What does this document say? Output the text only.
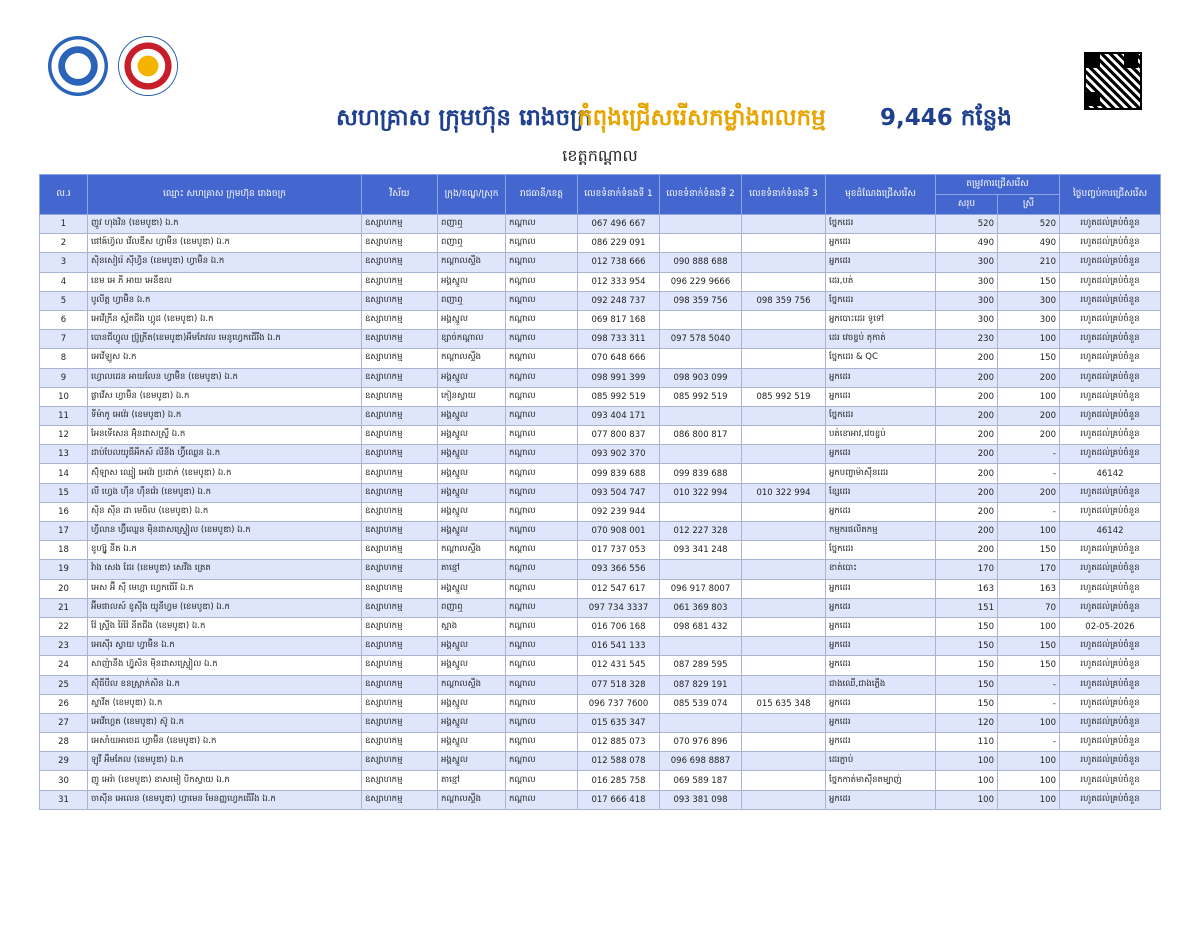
សហគ្រាស ក្រុមហ៊ុន រោងចក្រ
កំពុងជ្រើសរើសកម្លាំងពលកម្ម 9,446 កន្លែង
ខេត្តកណ្តាល
ល.រ	ឈ្មោះ សហគ្រាស ក្រុមហ៊ុន រោងចក្រ	វិស័យ	ក្រុង/ខណ្ឌ/ស្រុក	រាជធានី/ខេត្ត	លេខទំនាក់ទំនងទី 1	លេខទំនាក់ទំនងទី 2	លេខទំនាក់ទំនងទី 3	មុខដំណែងជ្រើសរើស	តម្រូវការជ្រើសរើស		ថ្ងៃបញ្ចប់ការជ្រើសរើស
									សរុប	ស្រី	
1	ញូវ ហុងវិន (ខេមបូឌា) ឯ.ក	ឧស្សាហកម្ម	ពញាឮ	កណ្តាល	067 496 667			ថ្នែកដេរ	520	520	រហូតដល់គ្រប់ចំនួន
2	ផៅឝ៍ហ្វ៊ល វើលឌីស ហ្វាម៊ិន (ខេមបូឌា) ឯ.ក	ឧស្សាហកម្ម	ពញាឮ	កណ្តាល	086 229 091			អ្នកដេរ	490	490	រហូតដល់គ្រប់ចំនួន
3	ស៊ិនសៀរ៉េ ស៊ីហ្វិន (ខេមបូឌា) ហ្វាម៊ិន ឯ.ក	ឧស្សាហកម្ម	កណ្តាលស្ទឹង	កណ្តាល	012 738 666	090 888 688		អ្នកដេរ	300	210	រហូតដល់គ្រប់ចំនួន
4	ខេម អេ ភី អាយ អេនឺឌល	ឧស្សាហកម្ម	អង្គស្នួល	កណ្តាល	012 333 954	096 229 9666		ដេរ,បត់	300	150	រហូតដល់គ្រប់ចំនួន
5	បូលីត្ត ហ្វាម៊ិន ឯ.ក	ឧស្សាហកម្ម	ពញាឮ	កណ្តាល	092 248 737	098 359 756	098 359 756	ថ្នែកដេរ	300	300	រហូតដល់គ្រប់ចំនួន
6	អេវើក្រីន ស្ព័តជីង ហ្គូដ (ខេមបូឌា) ឯ.ក	ឧស្សាហកម្ម	អង្គស្នួល	កណ្តាល	069 817 168			អ្នកបោះដេរ ទូទៅ	300	300	រហូតដល់គ្រប់ចំនួន
7	បោនជីហ្វូល ប្រ៊ូភ្រីត(ខេមបូឌា)អឹមភែវល មេនូហ្វេកជើរីង ឯ.ក	ឧស្សាហកម្ម	ខ្សាច់កណ្តាល	កណ្តាល	098 733 311	097 578 5040		ដេរ វេចខ្ចប់ តុកាត់	230	100	រហូតដល់គ្រប់ចំនួន
8	អេវើឡូស ឯ.ក	ឧស្សាហកម្ម	កណ្តាលស្ទឹង	កណ្តាល	070 648 666			ថ្នែកដេរ & QC	200	150	រហូតដល់គ្រប់ចំនួន
9	ហ្វោលដេន អាយលែន ហ្វាម៊ិន (ខេមបូឌា) ឯ.ក	ឧស្សាហកម្ម	អង្គស្នួល	កណ្តាល	098 991 399	098 903 099		អ្នកដេរ	200	200	រហូតដល់គ្រប់ចំនួន
10	ផ្លាវើស ហ្វាម៊ិន (ខេមបូឌា) ឯ.ក	ឧស្សាហកម្ម	កៀនស្វាយ	កណ្តាល	085 992 519	085 992 519	085 992 519	អ្នកដេរ	200	100	រហូតដល់គ្រប់ចំនួន
11	ទីម៉ាកូ អេវ៉េរ (ខេមបូឌា) ឯ.ក	ឧស្សាហកម្ម	អង្គស្នួល	កណ្តាល	093 404 171			ថ្នែកដេរ	200	200	រហូតដល់គ្រប់ចំនួន
12	អែនទើសេន អ៊ុំនដាសស្ទ្រី ឯ.ក	ឧស្សាហកម្ម	អង្គស្នួល	កណ្តាល	077 800 837	086 800 817		បត់ខោអាវ,វេចខ្ចប់	200	200	រហូតដល់គ្រប់ចំនួន
13	ដាប់បែលយូធីអឹកស៍ លីនីង ហ្វ៊ីឈ្លេន ឯ.ក	ឧស្សាហកម្ម	អង្គស្នួល	កណ្តាល	093 902 370			អ្នកដេរ	200	-	រហូតដល់គ្រប់ចំនួន
14	ស៊ុំឡាស ឈ្មៀ អេវ៉េរ ប្រដាក់ (ខេមបូឌា) ឯ.ក	ឧស្សាហកម្ម	អង្គស្នួល	កណ្តាល	099 839 688	099 839 688		អ្នកបញ្ជាម៉ាស៊ីនដេរ	200	-	46142
15	លី ហ្វេង ហ៊ីន ហ៊ីនវ៉េរ (ខេមបូឌា) ឯ.ក	ឧស្សាហកម្ម	អង្គស្នួល	កណ្តាល	093 504 747	010 322 994	010 322 994	ខ្សែដេរ	200	200	រហូតដល់គ្រប់ចំនួន
16	ស៊ិន ស៊ីន ដា មេចិល (ខេមបូឌា) ឯ.ក	ឧស្សាហកម្ម	អង្គស្នួល	កណ្តាល	092 239 944			អ្នកដេរ	200	-	រហូតដល់គ្រប់ចំនួន
17	ហ្វីលាន ហ្វ៊ីឈ្លេន ម៉ិនដាសស្ទ្រៀល (ខេមបូឌា) ឯ.ក	ឧស្សាហកម្ម	អង្គស្នួល	កណ្តាល	070 908 001	012 227 328		កម្មករផលិតកម្ម	200	100	46142
18	ខូហ្ស៊ូ នីត ឯ.ក	ឧស្សាហកម្ម	កណ្តាលស្ទឹង	កណ្តាល	017 737 053	093 341 248		ថ្នែកដេរ	200	150	រហូតដល់គ្រប់ចំនួន
19	វ៉ាង សេង ដែរ (ខេមបូឌា) សេវីង ត្រេត	ឧស្សាហកម្ម	តាខ្មៅ	កណ្តាល	093 366 556			ខាត់បោះ	170	170	រហូតដល់គ្រប់ចំនួន
20	អេស អ៊ី ស៊ី មេហ្គា ហ្វេកធើរី ឯ.ក	ឧស្សាហកម្ម	អង្គស្នួល	កណ្តាល	012 547 617	096 917 8007		អ្នកដេរ	163	163	រហូតដល់គ្រប់ចំនួន
21	អ៊ីមផាលស៍ ខូស៊ីង យូនីហ្វម (ខេមបូឌា) ឯ.ក	ឧស្សាហកម្ម	ពញាឮ	កណ្តាល	097 734 3337	061 369 803		អ្នកដេរ	151	70	រហូតដល់គ្រប់ចំនួន
22	វ៉ែ ស្ទ្រីង រ៉ៃវ៉ៃ នីតជីង (ខេមបូឌា) ឯ.ក	ឧស្សាហកម្ម	ស្អាង	កណ្តាល	016 706 168	098 681 432		អ្នកដេរ	150	100	02-05-2026
23	អេស៊ើរ ស្វាយ ហ្វាម៊ិន ឯ.ក	ឧស្សាហកម្ម	អង្គស្នួល	កណ្តាល	016 541 133			អ្នកដេរ	150	150	រហូតដល់គ្រប់ចំនួន
24	សាញ៉ានឹង ហ្វ៊ូសិន ម៉ិនដាសស្ទ្រៀល ឯ.ក	ឧស្សាហកម្ម	អង្គស្នួល	កណ្តាល	012 431 545	087 289 595		អ្នកដេរ	150	150	រហូតដល់គ្រប់ចំនួន
25	ស៊ុំធីបឹល ខនស្ត្រាក់សិន ឯ.ក	ឧស្សាហកម្ម	កណ្តាលស្ទឹង	កណ្តាល	077 518 328	087 829 191		ជាងឈើ,ជាងភ្លើង	150	-	រហូតដល់គ្រប់ចំនួន
26	ស្ទាវីត (ខេមបូឌា) ឯ.ក	ឧស្សាហកម្ម	អង្គស្នួល	កណ្តាល	096 737 7600	085 539 074	015 635 348	អ្នកដេរ	150	-	រហូតដល់គ្រប់ចំនួន
27	អេវើហ្គេត (ខេមបូឌា) ស៊ូ ឯ.ក	ឧស្សាហកម្ម	អង្គស្នួល	កណ្តាល	015 635 347			អ្នកដេរ	120	100	រហូតដល់គ្រប់ចំនួន
28	អេសាំយអាចេដ ហ្វាម៊ិន (ខេមបូឌា) ឯ.ក	ឧស្សាហកម្ម	អង្គស្នួល	កណ្តាល	012 885 073	070 976 896		អ្នកដេរ	110	-	រហូតដល់គ្រប់ចំនួន
29	ឡូវី អឹមភែល (ខេមបូឌា) ឯ.ក	ឧស្សាហកម្ម	អង្គស្នួល	កណ្តាល	012 588 078	096 698 8887		ដេរភ្ជាប់	100	100	រហូតដល់គ្រប់ចំនួន
30	ញូ អេរ៉ា (ខេមបូឌា) ខាសមៀ បិកស្វាយ ឯ.ក	ឧស្សាហកម្ម	តាខ្មៅ	កណ្តាល	016 285 758	069 589 187		ថ្នែកកាត់មាស៊ីនតម្បាញ់	100	100	រហូតដល់គ្រប់ចំនួន
31	ចាស៊ីន អេលេន (ខេមបូឌា) ហ្វាមេន មែនញ្ញហ្វេកធើរីង ឯ.ក	ឧស្សាហកម្ម	កណ្តាលស្ទឹង	កណ្តាល	017 666 418	093 381 098		អ្នកដេរ	100	100	រហូតដល់គ្រប់ចំនួន
